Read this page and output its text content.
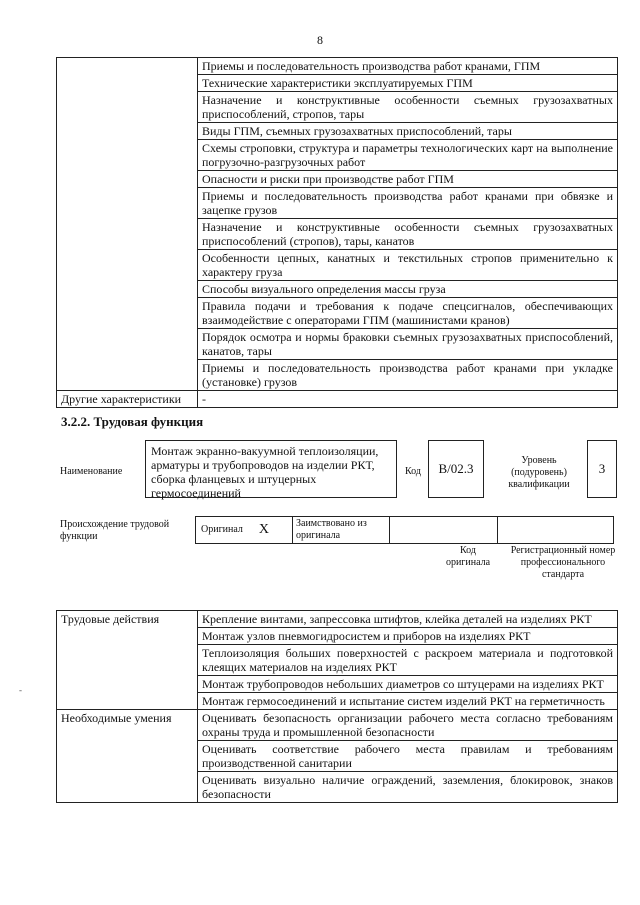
8
	Приемы и последовательность производства работ кранами, ГПМ
	Технические характеристики эксплуатируемых ГПМ
	Назначение и конструктивные особенности съемных грузозахватных приспособлений, стропов, тары
	Виды ГПМ, съемных грузозахватных приспособлений, тары
	Схемы строповки, структура и параметры технологических карт на выполнение погрузочно-разгрузочных работ
	Опасности и риски при производстве работ ГПМ
	Приемы и последовательность производства работ кранами при обвязке и зацепке грузов
	Назначение и конструктивные особенности съемных грузозахватных приспособлений (стропов), тары, канатов
	Особенности цепных, канатных и текстильных стропов применительно к характеру груза
	Способы визуального определения массы груза
	Правила подачи и требования к подаче спецсигналов, обеспечивающих взаимодействие с операторами ГПМ (машинистами кранов)
	Порядок осмотра и нормы браковки съемных грузозахватных приспособлений, канатов, тары
	Приемы и последовательность производства работ кранами при укладке (установке) грузов
Другие характеристики	-
3.2.2. Трудовая функция
Наименование
Монтаж экранно-вакуумной теплоизоляции, арматуры и трубопроводов на изделии РКТ, сборка фланцевых и штуцерных гермосоединений
Код	В/02.3
Уровень (подуровень) квалификации
3
Происхождение трудовой функции
Оригинал X	Заимствовано из оригинала
Код оригинала
Регистрационный номер профессионального стандарта
-
Трудовые действия	Крепление винтами, запрессовка штифтов, клейка деталей на изделиях РКТ
	Монтаж узлов пневмогидросистем и приборов на изделиях РКТ
	Теплоизоляция больших поверхностей с раскроем материала и подготовкой клеящих материалов на изделиях РКТ
	Монтаж трубопроводов небольших диаметров со штуцерами на изделиях РКТ
	Монтаж гермосоединений и испытание систем изделий РКТ на герметичность
Необходимые умения	Оценивать безопасность организации рабочего места согласно требованиям охраны труда и промышленной безопасности
	Оценивать соответствие рабочего места правилам и требованиям производственной санитарии
	Оценивать визуально наличие ограждений, заземления, блокировок, знаков безопасности
